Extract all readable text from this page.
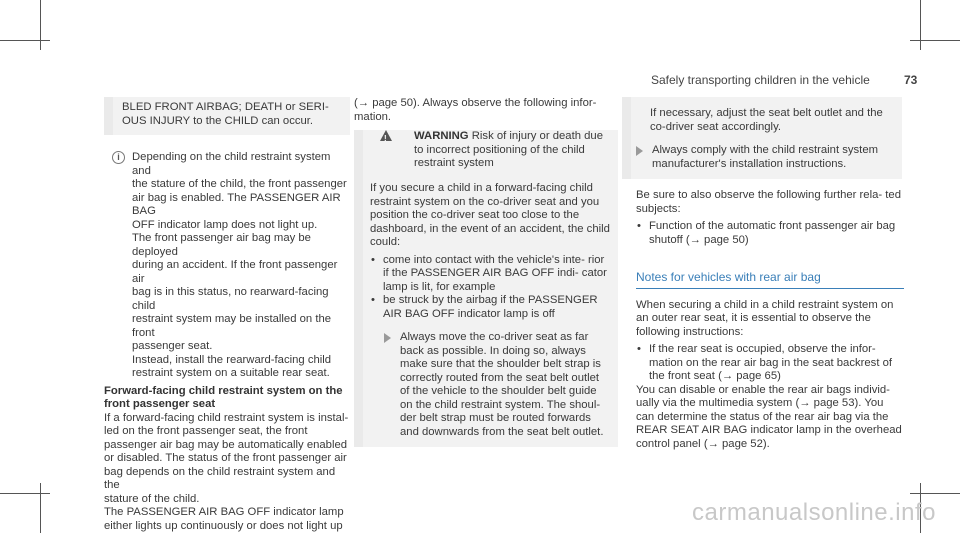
Safely transporting children in the vehicle	73

BLED FRONT AIRBAG; DEATH or SERI- OUS INJURY to the CHILD can occur.

i	Depending on the child restraint system and

the stature of the child, the front passenger

air bag is enabled. The PASSENGER AIR BAG

OFF indicator lamp does not light up.

The front passenger air bag may be deployed

during an accident. If the front passenger air

bag is in this status, no rearward-facing child

restraint system may be installed on the front

passenger seat.

Instead, install the rearward-facing child

restraint system on a suitable rear seat.

Forward-facing child restraint system on the front passenger seat

If a forward-facing child restraint system is instal-

led on the front passenger seat, the front

passenger air bag may be automatically enabled

or disabled. The status of the front passenger air

bag depends on the child restraint system and the

stature of the child.

The PASSENGER AIR BAG OFF indicator lamp

either lights up continuously or does not light up

(→ page 50). Always observe the following infor- mation.

! WARNING Risk of injury or death due to incorrect positioning of the child restraint system

If you secure a child in a forward-facing child restraint system on the co-driver seat and you position the co-driver seat too close to the dashboard, in the event of an accident, the child could:

• come into contact with the vehicle's inte- rior if the PASSENGER AIR BAG OFF indi- cator lamp is lit, for example
• be struck by the airbag if the PASSENGER AIR BAG OFF indicator lamp is off

Always move the co-driver seat as far back as possible. In doing so, always make sure that the shoulder belt strap is correctly routed from the seat belt outlet of the vehicle to the shoulder belt guide on the child restraint system. The shoul- der belt strap must be routed forwards and downwards from the seat belt outlet.

If necessary, adjust the seat belt outlet and the co-driver seat accordingly.

Always comply with the child restraint system manufacturer's installation instructions.

Be sure to also observe the following further rela- ted subjects:

• Function of the automatic front passenger air bag shutoff (→ page 50)
Notes for vehicles with rear air bag

When securing a child in a child restraint system on an outer rear seat, it is essential to observe the following instructions:

• If the rear seat is occupied, observe the infor- mation on the rear air bag in the seat backrest of the front seat (→ page 65)

You can disable or enable the rear air bags individ- ually via the multimedia system (→ page 53). You can determine the status of the rear air bag via the REAR SEAT AIR BAG indicator lamp in the overhead control panel (→ page 52).

carmanualsonline.info
